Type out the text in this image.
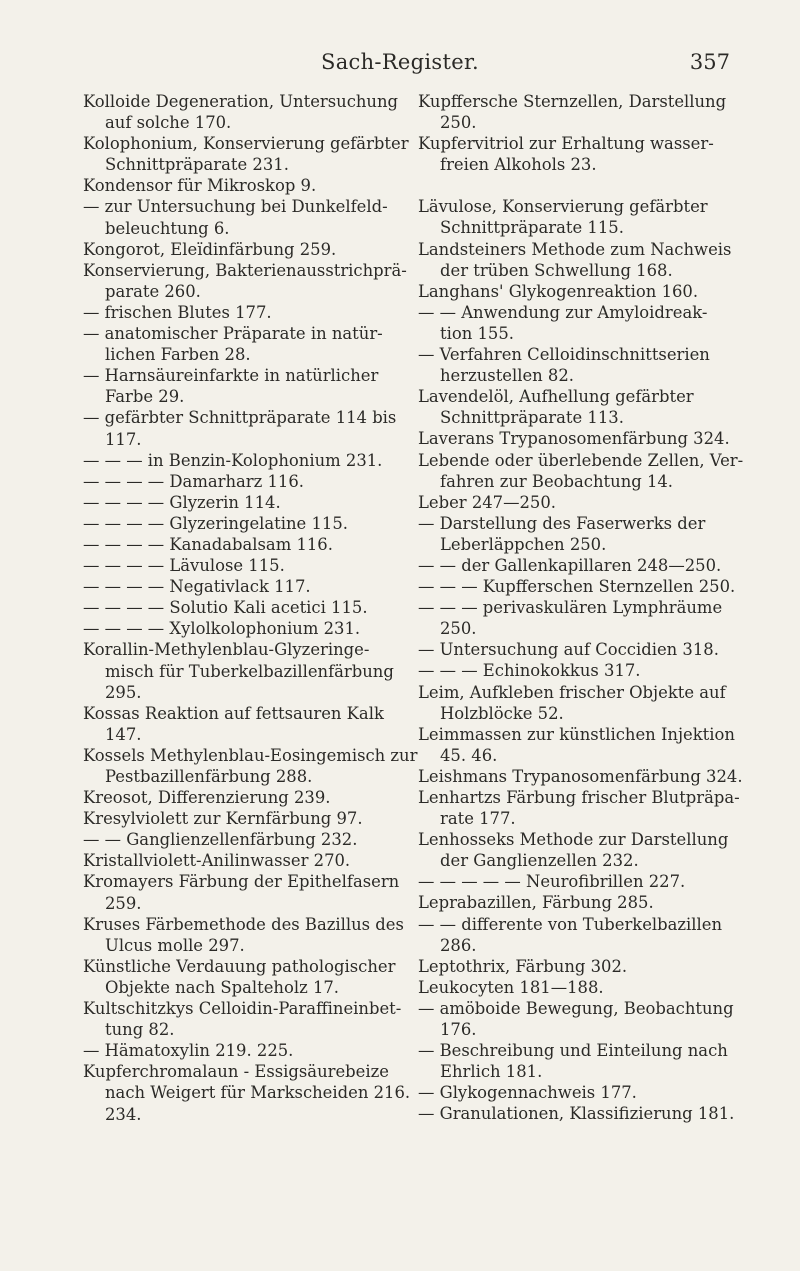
Sach-Register.	357
Kolloide Degeneration, Untersuchung
auf solche 170.
Kolophonium, Konservierung gefärbter
Schnittpräparate 231.
Kondensor für Mikroskop 9.
— zur Untersuchung bei Dunkelfeld-
beleuchtung 6.
Kongorot, Eleïdinfärbung 259.
Konservierung, Bakterienausstrichprä-
parate 260.
— frischen Blutes 177.
— anatomischer Präparate in natür-
lichen Farben 28.
— Harnsäureinfarkte in natürlicher
Farbe 29.
— gefärbter Schnittpräparate 114 bis
117.
— — — in Benzin-Kolophonium 231.
— — — — Damarharz 116.
— — — — Glyzerin 114.
— — — — Glyzeringelatine 115.
— — — — Kanadabalsam 116.
— — — — Lävulose 115.
— — — — Negativlack 117.
— — — — Solutio Kali acetici 115.
— — — — Xylolkolophonium 231.
Korallin-Methylenblau-Glyzeringe-
misch für Tuberkelbazillenfärbung
295.
Kossas Reaktion auf fettsauren Kalk
147.
Kossels Methylenblau-Eosingemisch zur
Pestbazillenfärbung 288.
Kreosot, Differenzierung 239.
Kresylviolett zur Kernfärbung 97.
— — Ganglienzellenfärbung 232.
Kristallviolett-Anilinwasser 270.
Kromayers Färbung der Epithelfasern
259.
Kruses Färbemethode des Bazillus des
Ulcus molle 297.
Künstliche Verdauung pathologischer
Objekte nach Spalteholz 17.
Kultschitzkys Celloidin-Paraffineinbet-
tung 82.
— Hämatoxylin 219. 225.
Kupferchromalaun - Essigsäurebeize
nach Weigert für Markscheiden 216.
234.
Kupffersche Sternzellen, Darstellung
250.
Kupfervitriol zur Erhaltung wasser-
freien Alkohols 23.
Lävulose, Konservierung gefärbter
Schnittpräparate 115.
Landsteiners Methode zum Nachweis
der trüben Schwellung 168.
Langhans' Glykogenreaktion 160.
— — Anwendung zur Amyloidreak-
tion 155.
— Verfahren Celloidinschnittserien
herzustellen 82.
Lavendelöl, Aufhellung gefärbter
Schnittpräparate 113.
Laverans Trypanosomenfärbung 324.
Lebende oder überlebende Zellen, Ver-
fahren zur Beobachtung 14.
Leber 247—250.
— Darstellung des Faserwerks der
Leberläppchen 250.
— — der Gallenkapillaren 248—250.
— — — Kupfferschen Sternzellen 250.
— — — perivaskulären Lymphräume
250.
— Untersuchung auf Coccidien 318.
— — — Echinokokkus 317.
Leim, Aufkleben frischer Objekte auf
Holzblöcke 52.
Leimmassen zur künstlichen Injektion
45. 46.
Leishmans Trypanosomenfärbung 324.
Lenhartzs Färbung frischer Blutpräpa-
rate 177.
Lenhosseks Methode zur Darstellung
der Ganglienzellen 232.
— — — — — Neurofibrillen 227.
Leprabazillen, Färbung 285.
— — differente von Tuberkelbazillen
286.
Leptothrix, Färbung 302.
Leukocyten 181—188.
— amöboide Bewegung, Beobachtung
176.
— Beschreibung und Einteilung nach
Ehrlich 181.
— Glykogennachweis 177.
— Granulationen, Klassifizierung 181.
